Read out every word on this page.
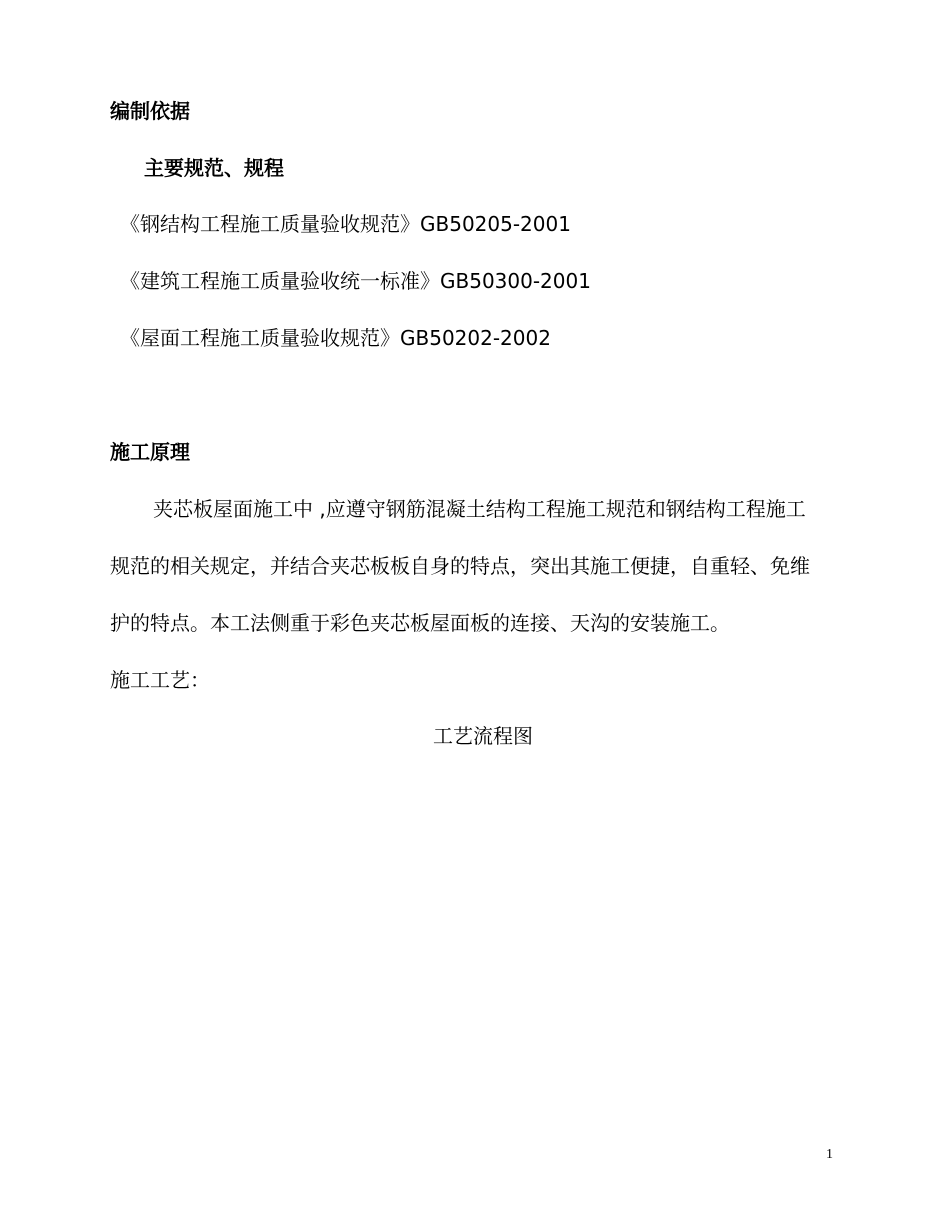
编制依据
主要规范、规程
《钢结构工程施工质量验收规范》GB50205-2001
《建筑工程施工质量验收统一标准》GB50300-2001
《屋面工程施工质量验收规范》GB50202-2002
施工原理
夹芯板屋面施工中 ,应遵守钢筋混凝土结构工程施工规范和钢结构工程施工
规范的相关规定，并结合夹芯板板自身的特点，突出其施工便捷，自重轻、免维
护的特点。本工法侧重于彩色夹芯板屋面板的连接、天沟的安装施工。
施工工艺：
工艺流程图
1
